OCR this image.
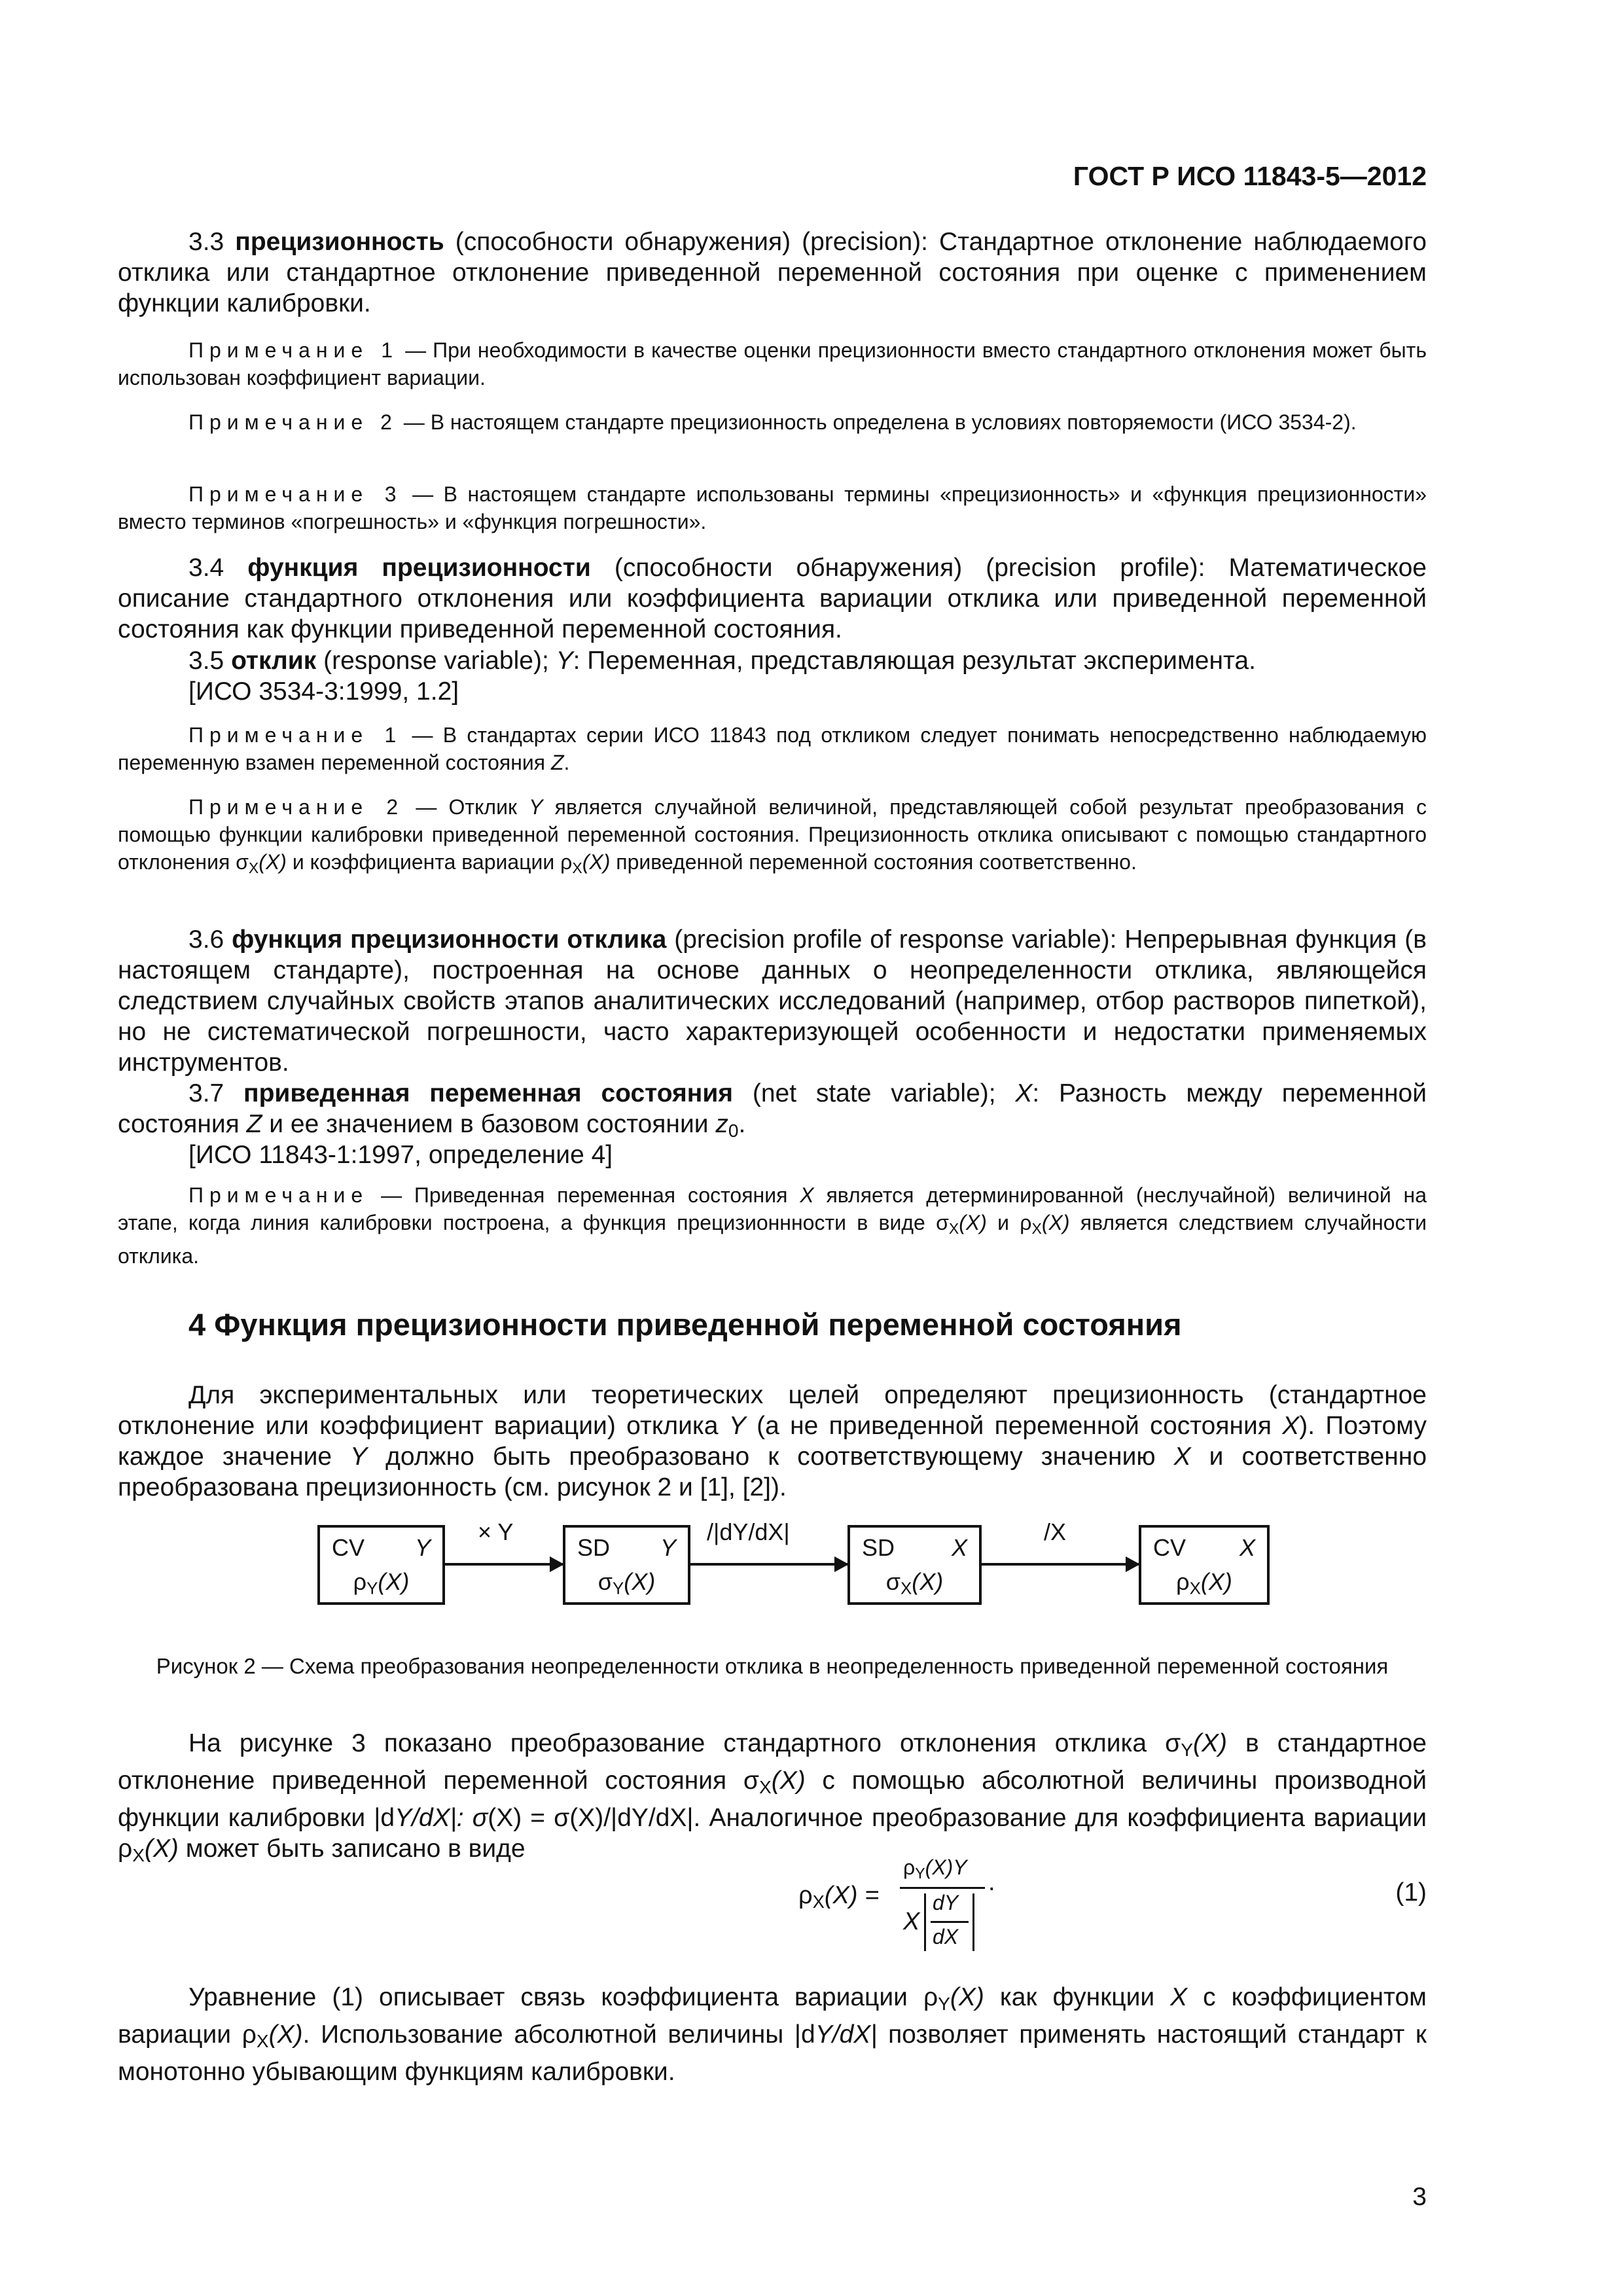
ГОСТ Р ИСО 11843-5—2012

3.3 прецизионность (способности обнаружения) (precision): Стандартное отклонение наблюдаемого отклика или стандартное отклонение приведенной переменной состояния при оценке с применением функции калибровки.

Примечание 1 — При необходимости в качестве оценки прецизионности вместо стандартного отклонения может быть использован коэффициент вариации.

Примечание 2 — В настоящем стандарте прецизионность определена в условиях повторяемости (ИСО 3534-2).

Примечание 3 — В настоящем стандарте использованы термины «прецизионность» и «функция прецизионности» вместо терминов «погрешность» и «функция погрешности».

3.4 функция прецизионности (способности обнаружения) (precision profile): Математическое описание стандартного отклонения или коэффициента вариации отклика или приведенной переменной состояния как функции приведенной переменной состояния.

3.5 отклик (response variable); Y: Переменная, представляющая результат эксперимента.

[ИСО 3534-3:1999, 1.2]

Примечание 1 — В стандартах серии ИСО 11843 под откликом следует понимать непосредственно наблюдаемую переменную взамен переменной состояния Z.

Примечание 2 — Отклик Y является случайной величиной, представляющей собой результат преобразования с помощью функции калибровки приведенной переменной состояния. Прецизионность отклика описывают с помощью стандартного отклонения $\sigma_X(X)$ и коэффициента вариации $\rho_X(X)$ приведенной переменной состояния соответственно.

3.6 функция прецизионности отклика (precision profile of response variable): Непрерывная функция (в настоящем стандарте), построенная на основе данных о неопределенности отклика, являющейся следствием случайных свойств этапов аналитических исследований (например, отбор растворов пипеткой), но не систематической погрешности, часто характеризующей особенности и недостатки применяемых инструментов.

3.7 приведенная переменная состояния (net state variable); X: Разность между переменной состояния Z и ее значением в базовом состоянии $z_0$.

[ИСО 11843-1:1997, определение 4]

Примечание — Приведенная переменная состояния X является детерминированной (неслучайной) величиной на этапе, когда линия калибровки построена, а функция прецизионнности в виде $\sigma_X(X)$ и $\rho_X(X)$ является следствием случайности отклика.

4 Функция прецизионности приведенной переменной состояния

Для экспериментальных или теоретических целей определяют прецизионность (стандартное отклонение или коэффициент вариации) отклика Y (а не приведенной переменной состояния X). Поэтому каждое значение Y должно быть преобразовано к соответствующему значению X и соответственно преобразована прецизионность (см. рисунок 2 и [1], [2]).

CV Y
$\rho_Y(X)$
× Y
SD Y
$\sigma_Y(X)$
/|dY/dX|
SD X
$\sigma_X(X)$
/X
CV X
$\rho_X(X)$

Рисунок 2 — Схема преобразования неопределенности отклика в неопределенность приведенной переменной состояния

На рисунке 3 показано преобразование стандартного отклонения отклика $\sigma_Y(X)$ в стандартное отклонение приведенной переменной состояния $\sigma_X(X)$ с помощью абсолютной величины производной функции калибровки |dY/dX|: σ(X) = σ(X)/|dY/dX|. Аналогичное преобразование для коэффициента вариации $\rho_X(X)$ может быть записано в виде

$\rho_X(X)$ =
$\rho_Y(X)Y$
X
dY
dX
.	(1)

Уравнение (1) описывает связь коэффициента вариации $\rho_Y(X)$ как функции X с коэффициентом вариации $\rho_X(X)$. Использование абсолютной величины |dY/dX| позволяет применять настоящий стандарт к монотонно убывающим функциям калибровки.

3
